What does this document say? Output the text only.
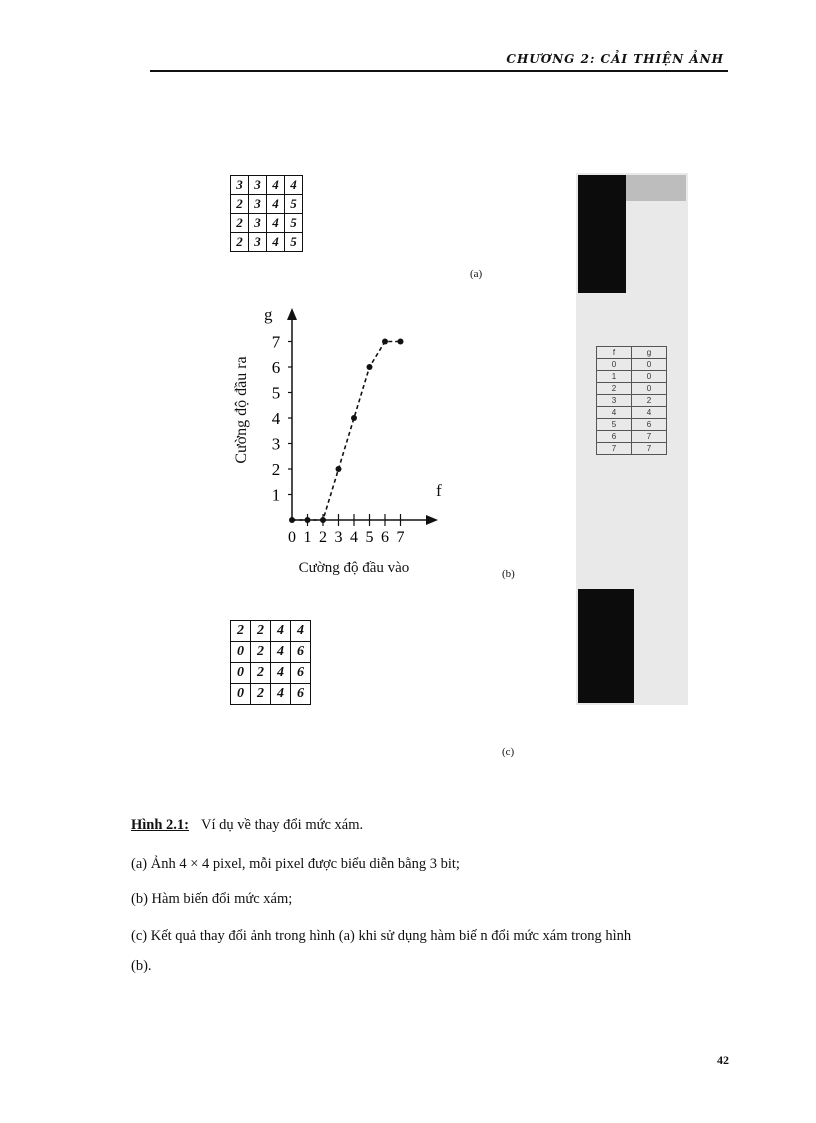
CHƯƠNG 2: CẢI THIỆN ẢNH
3	3	4	4
2	3	4	5
2	3	4	5
2	3	4	5
(a)
g
f
Cường độ đầu ra
Cường độ đầu vào
0 1 2 3 4 5 6 7
1
2
3
4
5
6
7
(b)
f	g
0	0
1	0
2	0
3	2
4	4
5	6
6	7
7	7
2	2	4	4
0	2	4	6
0	2	4	6
0	2	4	6
(c)
Hình 2.1: Ví dụ về thay đổi mức xám.
(a) Ảnh 4 × 4 pixel, mỗi pixel được biểu diễn bằng 3 bit;
(b) Hàm biến đổi mức xám;
(c) Kết quả thay đổi ảnh trong hình (a) khi sử dụng hàm biế n đổi mức xám trong hình
(b).
42
